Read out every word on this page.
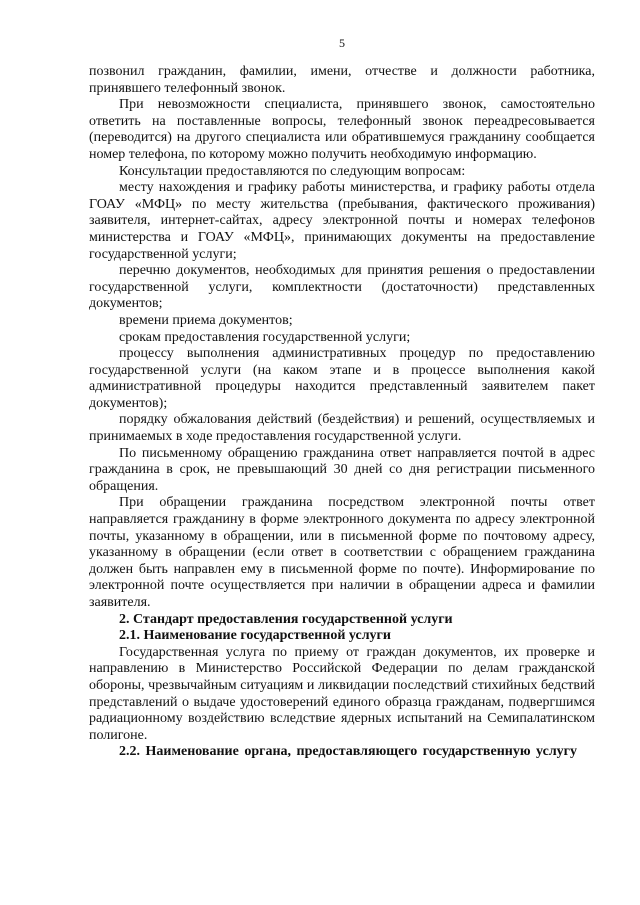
5

позвонил гражданин, фамилии, имени, отчестве и должности работника, принявшего телефонный звонок.

При невозможности специалиста, принявшего звонок, самостоятельно ответить на поставленные вопросы, телефонный звонок переадресовывается (переводится) на другого специалиста или обратившемуся гражданину сообщается номер телефона, по которому можно получить необходимую информацию.

Консультации предоставляются по следующим вопросам:

месту нахождения и графику работы министерства, и графику работы отдела ГОАУ «МФЦ» по месту жительства (пребывания, фактического проживания) заявителя, интернет-сайтах, адресу электронной почты и номерах телефонов министерства и ГОАУ «МФЦ», принимающих документы на предоставление государственной услуги;

перечню документов, необходимых для принятия решения о предоставлении государственной услуги, комплектности (достаточности) представленных документов;

времени приема документов;

срокам предоставления государственной услуги;

процессу выполнения административных процедур по предоставлению государственной услуги (на каком этапе и в процессе выполнения какой административной процедуры находится представленный заявителем пакет документов);

порядку обжалования действий (бездействия) и решений, осуществляемых и принимаемых в ходе предоставления государственной услуги.

По письменному обращению гражданина ответ направляется почтой в адрес гражданина в срок, не превышающий 30 дней со дня регистрации письменного обращения.

При обращении гражданина посредством электронной почты ответ направляется гражданину в форме электронного документа по адресу электронной почты, указанному в обращении, или в письменной форме по почтовому адресу, указанному в обращении (если ответ в соответствии с обращением гражданина должен быть направлен ему в письменной форме по почте). Информирование по электронной почте осуществляется при наличии в обращении адреса и фамилии заявителя.

2. Стандарт предоставления государственной услуги

2.1. Наименование государственной услуги

Государственная услуга по приему от граждан документов, их проверке и направлению в Министерство Российской Федерации по делам гражданской обороны, чрезвычайным ситуациям и ликвидации последствий стихийных бедствий представлений о выдаче удостоверений единого образца гражданам, подвергшимся радиационному воздействию вследствие ядерных испытаний на Семипалатинском полигоне.

2.2. Наименование органа, предоставляющего государственную услугу
